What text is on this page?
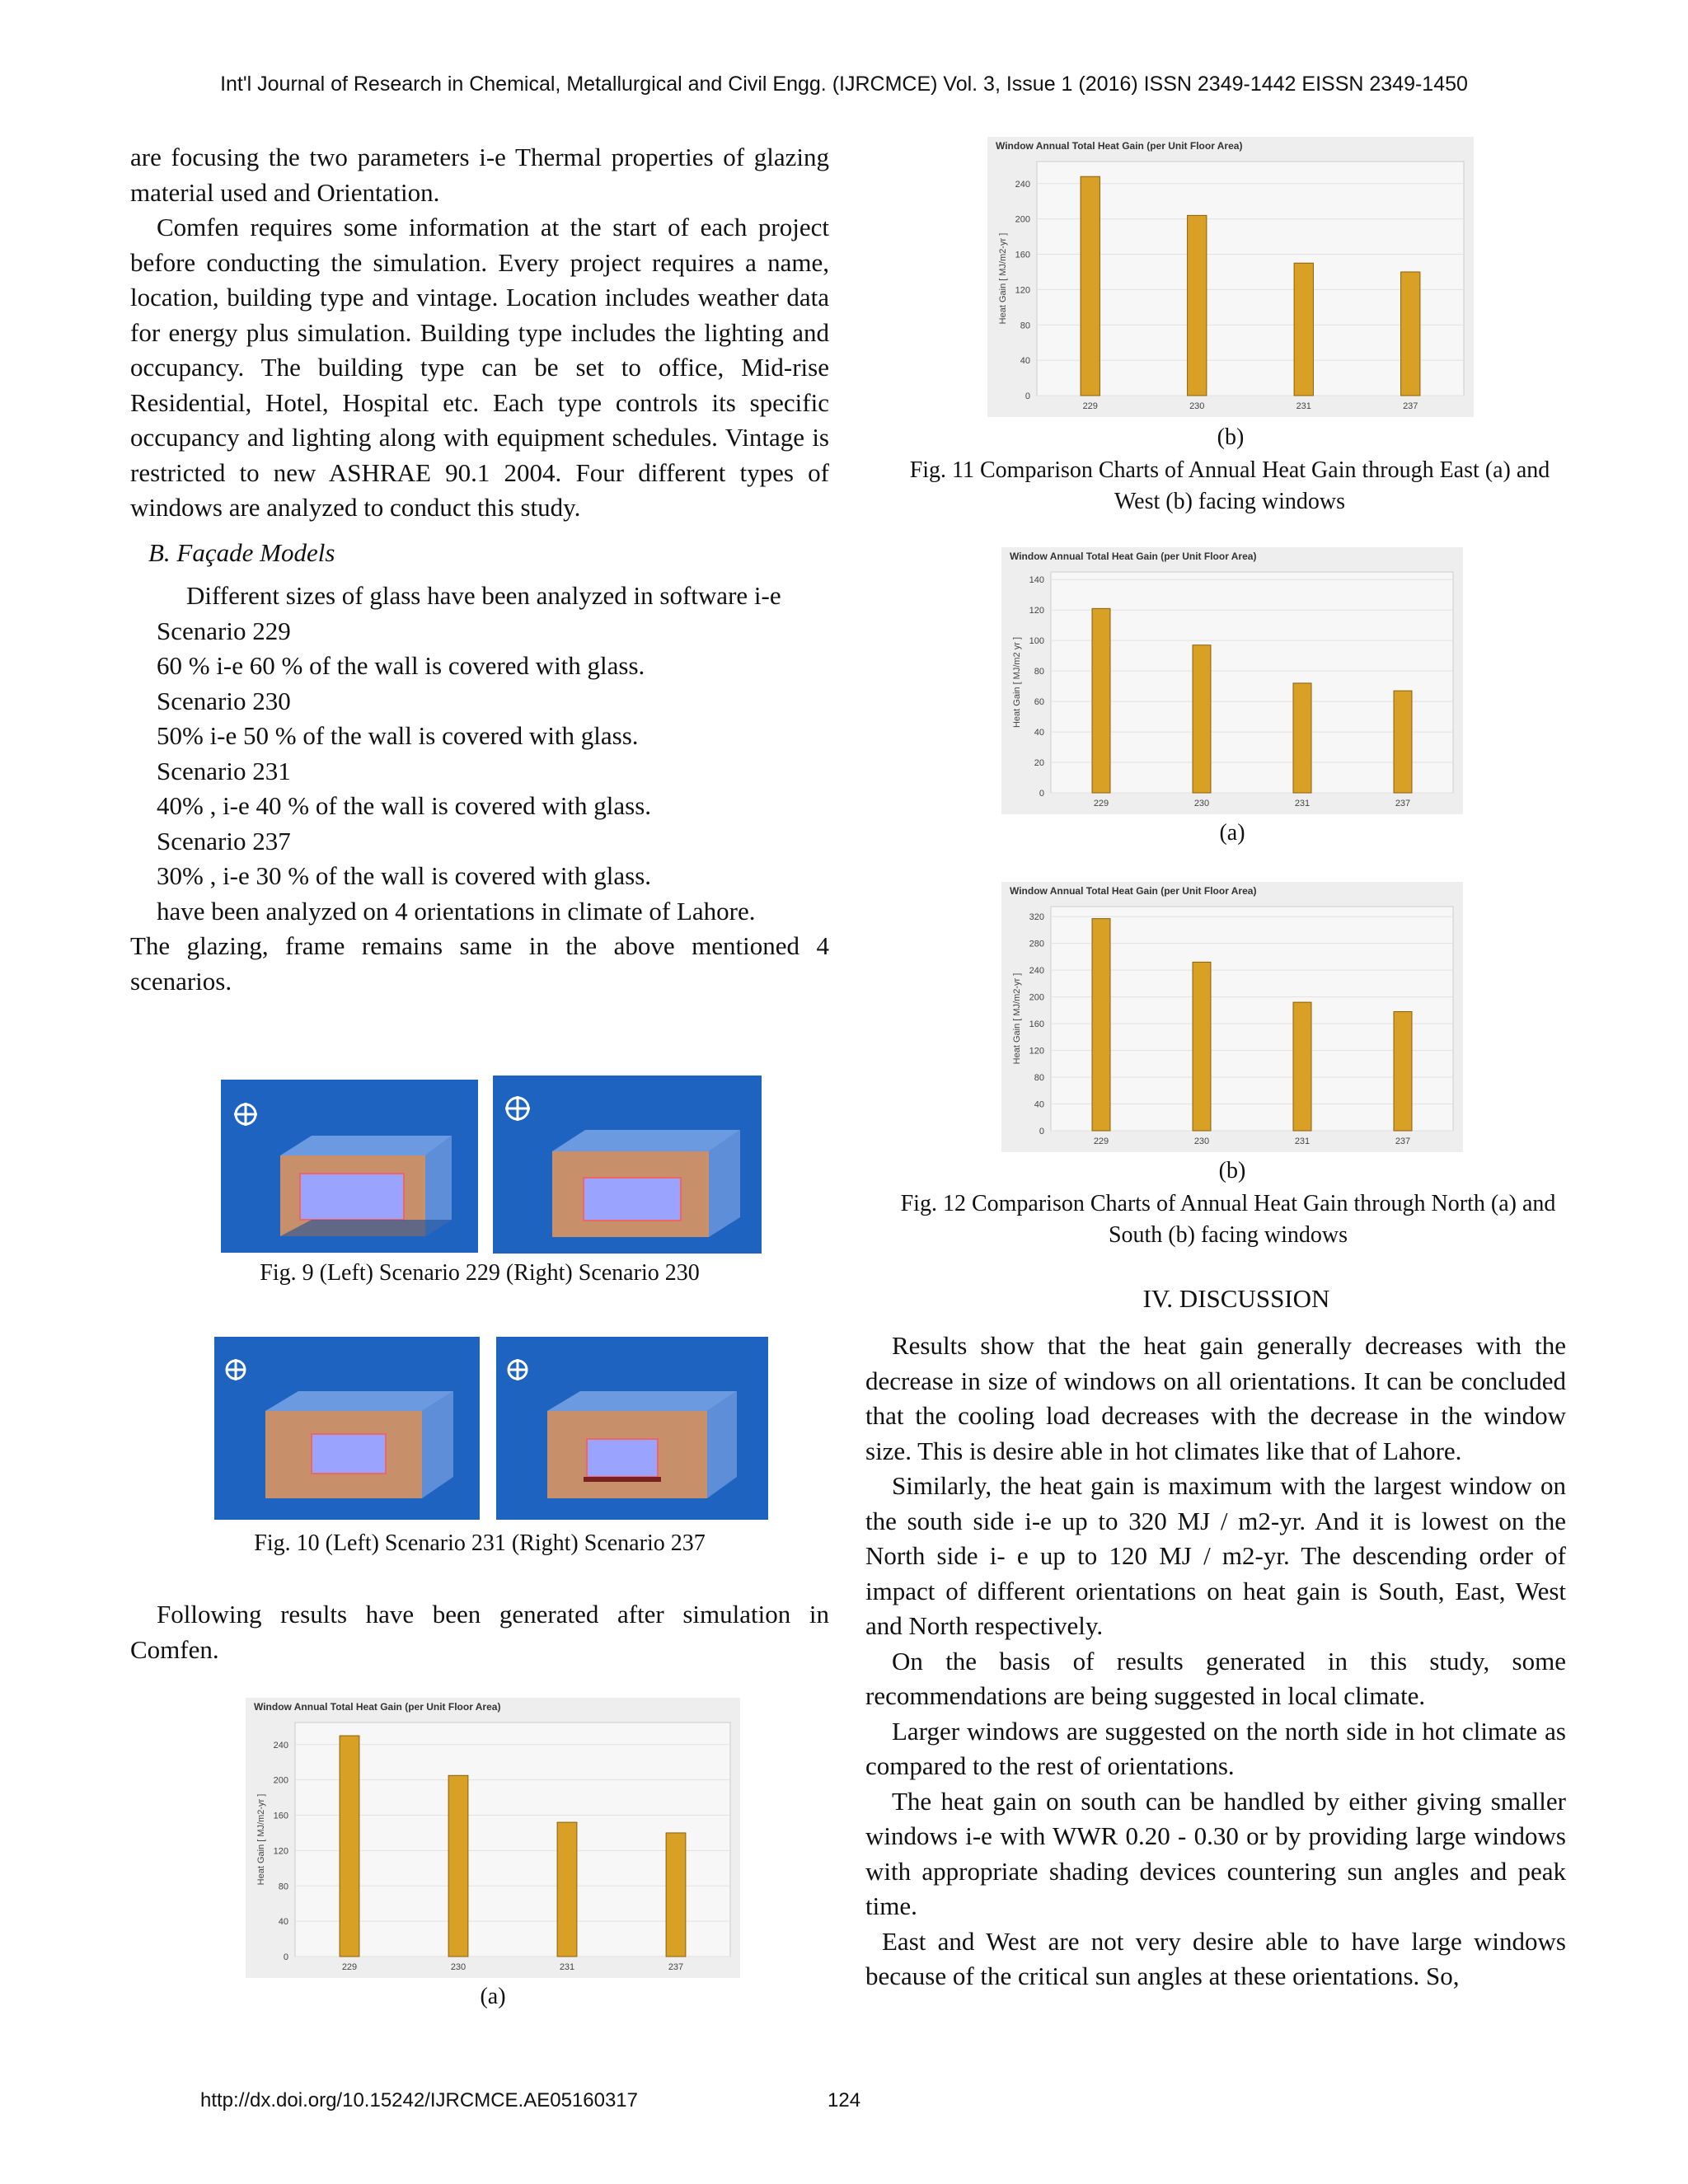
Int'l Journal of Research in Chemical, Metallurgical and Civil Engg. (IJRCMCE) Vol. 3, Issue 1 (2016) ISSN 2349-1442 EISSN 2349-1450

are focusing the two parameters i-e Thermal properties of glazing material used and Orientation.

Comfen requires some information at the start of each project before conducting the simulation. Every project requires a name, location, building type and vintage. Location includes weather data for energy plus simulation. Building type includes the lighting and occupancy. The building type can be set to office, Mid-rise Residential, Hotel, Hospital etc. Each type controls its specific occupancy and lighting along with equipment schedules. Vintage is restricted to new ASHRAE 90.1 2004. Four different types of windows are analyzed to conduct this study.

B. Façade Models

Different sizes of glass have been analyzed in software i-e

Scenario 229

60 % i-e 60 % of the wall is covered with glass.

Scenario 230

50% i-e 50 % of the wall is covered with glass.

Scenario 231

40% , i-e 40 % of the wall is covered with glass.

Scenario 237

30% , i-e 30 % of the wall is covered with glass.

have been analyzed on 4 orientations in climate of Lahore.

The glazing, frame remains same in the above mentioned 4 scenarios.

Fig. 9 (Left) Scenario 229 (Right) Scenario 230
Fig. 10 (Left) Scenario 231 (Right) Scenario 237

Following results have been generated after simulation in Comfen.

Window Annual Total Heat Gain (per Unit Floor Area)
0
40
80
120
160
200
240
Heat Gain [ MJ/m2-yr ]
229	230	231	237
(a)
Window Annual Total Heat Gain (per Unit Floor Area)
0
40
80
120
160
200
240
Heat Gain [ MJ/m2-yr ]
229	230	231	237
(b)
Fig. 11 Comparison Charts of Annual Heat Gain through East (a) and West (b) facing windows
Window Annual Total Heat Gain (per Unit Floor Area)
0
20
40
60
80
100
120
140
Heat Gain [ MJ/m2 yr ]
229	230	231	237
(a)
Window Annual Total Heat Gain (per Unit Floor Area)
0
40
80
120
160
200
240
280
320
Heat Gain [ MJ/m2-yr ]
229	230	231	237
(b)
Fig. 12 Comparison Charts of Annual Heat Gain through North (a) and South (b) facing windows
IV. DISCUSSION

Results show that the heat gain generally decreases with the decrease in size of windows on all orientations. It can be concluded that the cooling load decreases with the decrease in the window size. This is desire able in hot climates like that of Lahore.

Similarly, the heat gain is maximum with the largest window on the south side i-e up to 320 MJ / m2-yr. And it is lowest on the North side i- e up to 120 MJ / m2-yr. The descending order of impact of different orientations on heat gain is South, East, West and North respectively.

On the basis of results generated in this study, some recommendations are being suggested in local climate.

Larger windows are suggested on the north side in hot climate as compared to the rest of orientations.

The heat gain on south can be handled by either giving smaller windows i-e with WWR 0.20 - 0.30 or by providing large windows with appropriate shading devices countering sun angles and peak time.

East and West are not very desire able to have large windows because of the critical sun angles at these orientations. So,

http://dx.doi.org/10.15242/IJRCMCE.AE05160317	124
